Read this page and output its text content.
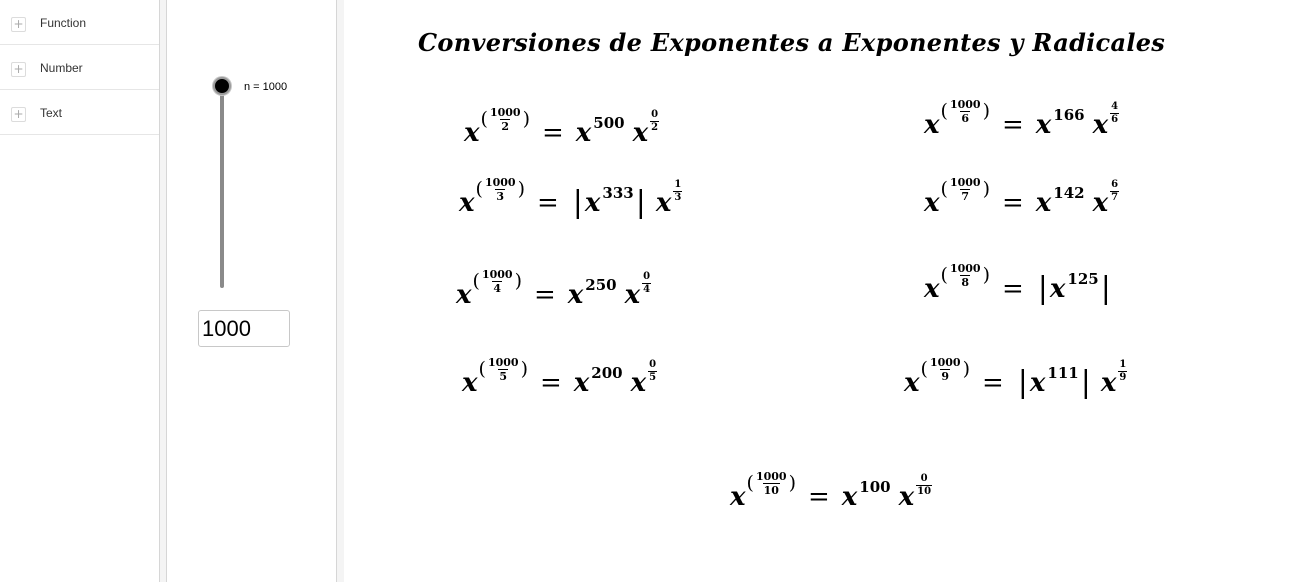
+ Function
+ Number
+ Text
n = 1000
1000
Conversiones de Exponentes a Exponentes y Radicales
x ( $\frac{1000}{2}$ ) = x 500 x $\frac{0}{2}$	x ( $\frac{1000}{6}$ ) = x 166 x $\frac{4}{6}$
x ( $\frac{1000}{3}$ ) = | x 333 | x $\frac{1}{3}$	x ( $\frac{1000}{7}$ ) = x 142 x $\frac{6}{7}$
x ( $\frac{1000}{4}$ ) = x 250 x $\frac{0}{4}$	x ( $\frac{1000}{8}$ ) = | x 125 |
x ( $\frac{1000}{5}$ ) = x 200 x $\frac{0}{5}$	x ( $\frac{1000}{9}$ ) = | x 111 | x $\frac{1}{9}$
x ( $\frac{1000}{10}$ ) = x 100 x $\frac{0}{10}$
